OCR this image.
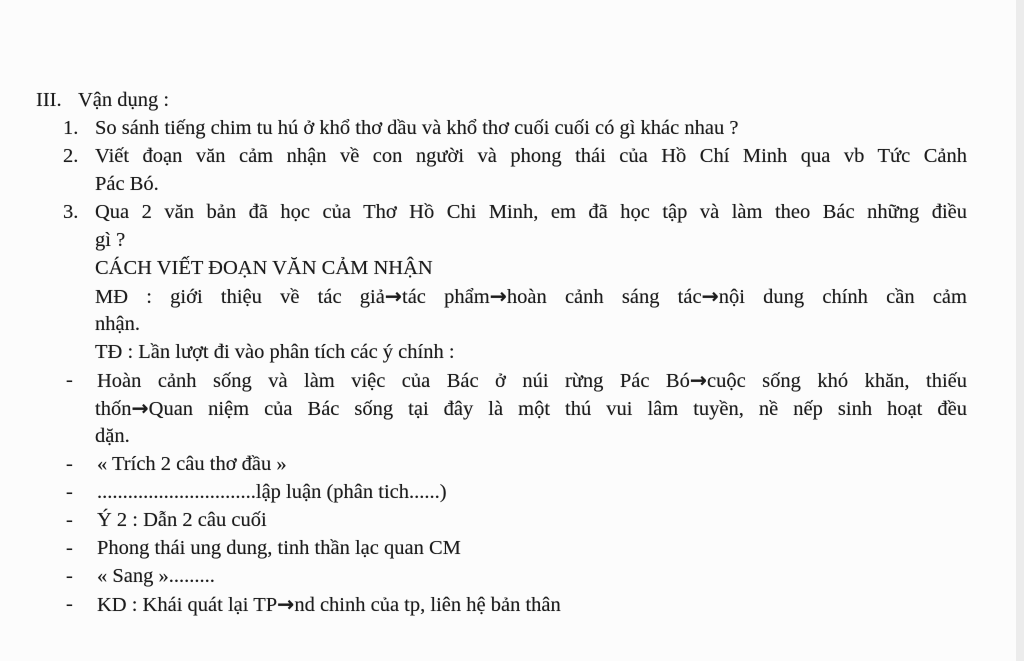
III. Vận dụng :
1. So sánh tiếng chim tu hú ở khổ thơ dầu và khổ thơ cuối cuối có gì khác nhau ?
2. Viết đoạn văn cảm nhận về con người và phong thái của Hồ Chí Minh qua vb Tức Cảnh
Pác Bó.
3. Qua 2 văn bản đã học của Thơ Hồ Chi Minh, em đã học tập và làm theo Bác những điều
gì ?
CÁCH VIẾT ĐOẠN VĂN CẢM NHẬN
MĐ : giới thiệu về tác giả→tác phẩm→hoàn cảnh sáng tác→nội dung chính cần cảm
nhận.
TĐ : Lần lượt đi vào phân tích các ý chính :
- Hoàn cảnh sống và làm việc của Bác ở núi rừng Pác Bó→cuộc sống khó khăn, thiếu
thốn→Quan niệm của Bác sống tại đây là một thú vui lâm tuyền, nề nếp sinh hoạt đều
dặn.
- « Trích 2 câu thơ đầu »
- ...............................lập luận (phân tich......)
- Ý 2 : Dẫn 2 câu cuối
- Phong thái ung dung, tinh thần lạc quan CM
- « Sang ».........
- KD : Khái quát lại TP→nd chinh của tp, liên hệ bản thân
